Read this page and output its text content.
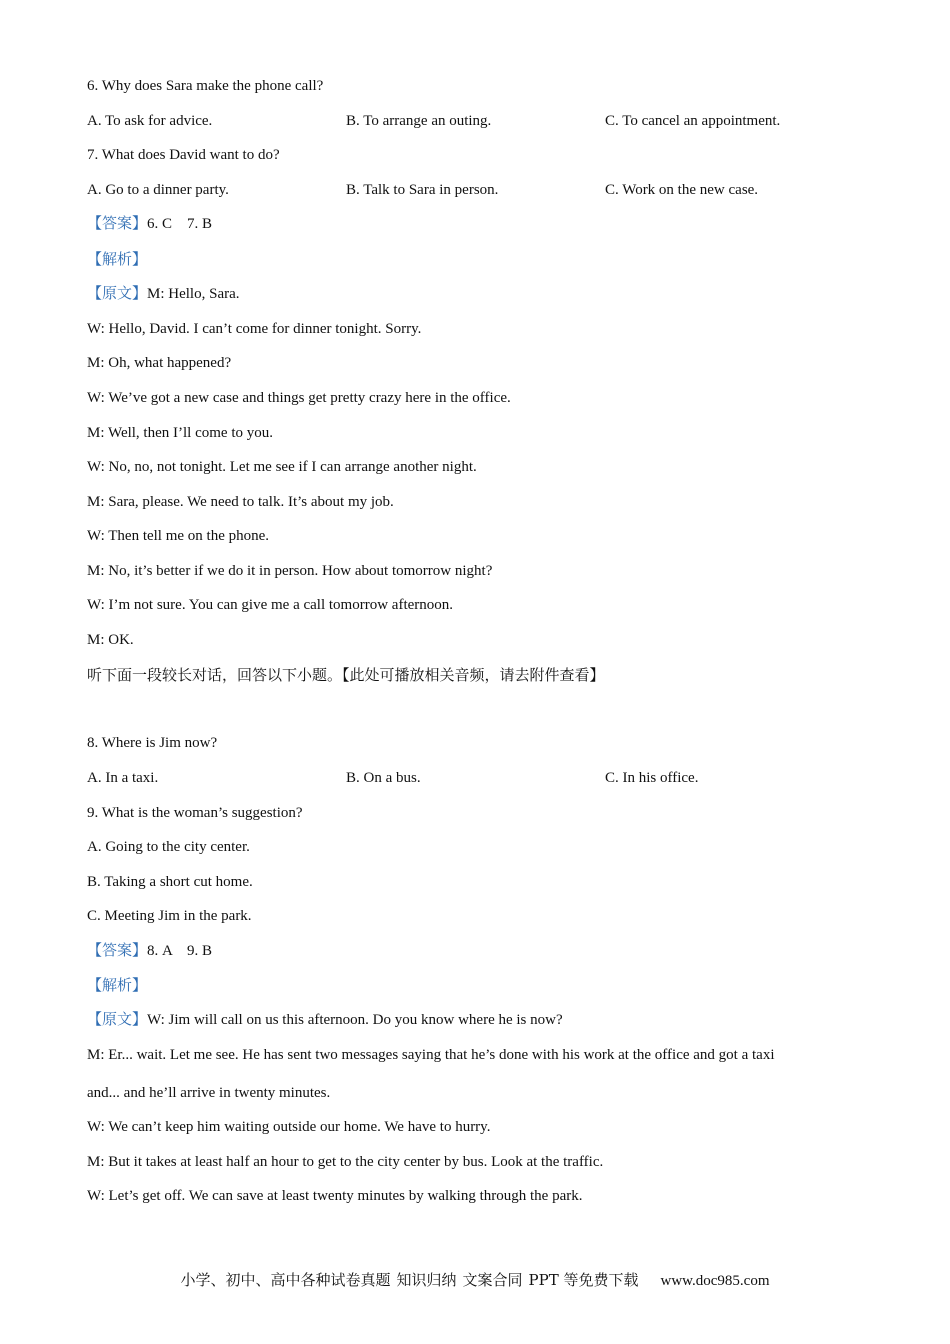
6. Why does Sara make the phone call?
A. To ask for advice.	B. To arrange an outing.	C. To cancel an appointment.
7. What does David want to do?
A. Go to a dinner party.	B. Talk to Sara in person.	C. Work on the new case.
【答案】6. C    7. B
【解析】
【原文】M: Hello, Sara.
W: Hello, David. I can’t come for dinner tonight. Sorry.
M: Oh, what happened?
W: We’ve got a new case and things get pretty crazy here in the office.
M: Well, then I’ll come to you.
W: No, no, not tonight. Let me see if I can arrange another night.
M: Sara, please. We need to talk. It’s about my job.
W: Then tell me on the phone.
M: No, it’s better if we do it in person. How about tomorrow night?
W: I’m not sure. You can give me a call tomorrow afternoon.
M: OK.
听下面一段较长对话，回答以下小题。【此处可播放相关音频，请去附件查看】
8. Where is Jim now?
A. In a taxi.	B. On a bus.	C. In his office.
9. What is the woman’s suggestion?
A. Going to the city center.
B. Taking a short cut home.
C. Meeting Jim in the park.
【答案】8. A    9. B
【解析】
【原文】W: Jim will call on us this afternoon. Do you know where he is now?
M: Er... wait. Let me see. He has sent two messages saying that he’s done with his work at the office and got a taxi
and... and he’ll arrive in twenty minutes.
W: We can’t keep him waiting outside our home. We have to hurry.
M: But it takes at least half an hour to get to the city center by bus. Look at the traffic.
W: Let’s get off. We can save at least twenty minutes by walking through the park.
小学、初中、高中各种试卷真题 知识归纳 文案合同 PPT 等免费下载 www.doc985.com
